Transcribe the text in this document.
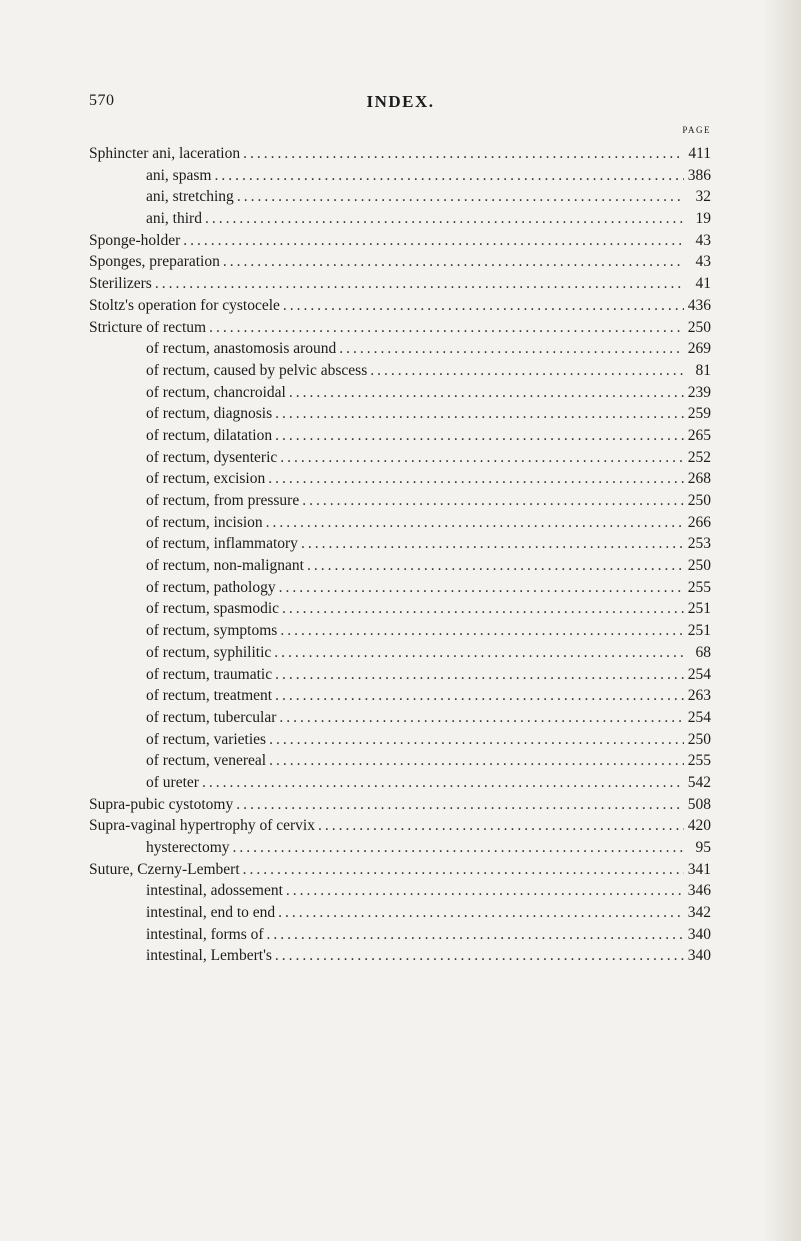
570	INDEX.
PAGE
Sphincter ani, laceration .....	411
ani, spasm .....	386
ani, stretching .....	32
ani, third .....	19
Sponge-holder .....	43
Sponges, preparation .....	43
Sterilizers .....	41
Stoltz's operation for cystocele .....	436
Stricture of rectum .....	250
of rectum, anastomosis around .....	269
of rectum, caused by pelvic abscess .....	81
of rectum, chancroidal .....	239
of rectum, diagnosis .....	259
of rectum, dilatation .....	265
of rectum, dysenteric .....	252
of rectum, excision .....	268
of rectum, from pressure .....	250
of rectum, incision .....	266
of rectum, inflammatory .....	253
of rectum, non-malignant .....	250
of rectum, pathology .....	255
of rectum, spasmodic .....	251
of rectum, symptoms .....	251
of rectum, syphilitic .....	68
of rectum, traumatic .....	254
of rectum, treatment .....	263
of rectum, tubercular .....	254
of rectum, varieties .....	250
of rectum, venereal .....	255
of ureter .....	542
Supra-pubic cystotomy .....	508
Supra-vaginal hypertrophy of cervix .....	420
hysterectomy .....	95
Suture, Czerny-Lembert .....	341
intestinal, adossement .....	346
intestinal, end to end .....	342
intestinal, forms of .....	340
intestinal, Lembert's .....	340
